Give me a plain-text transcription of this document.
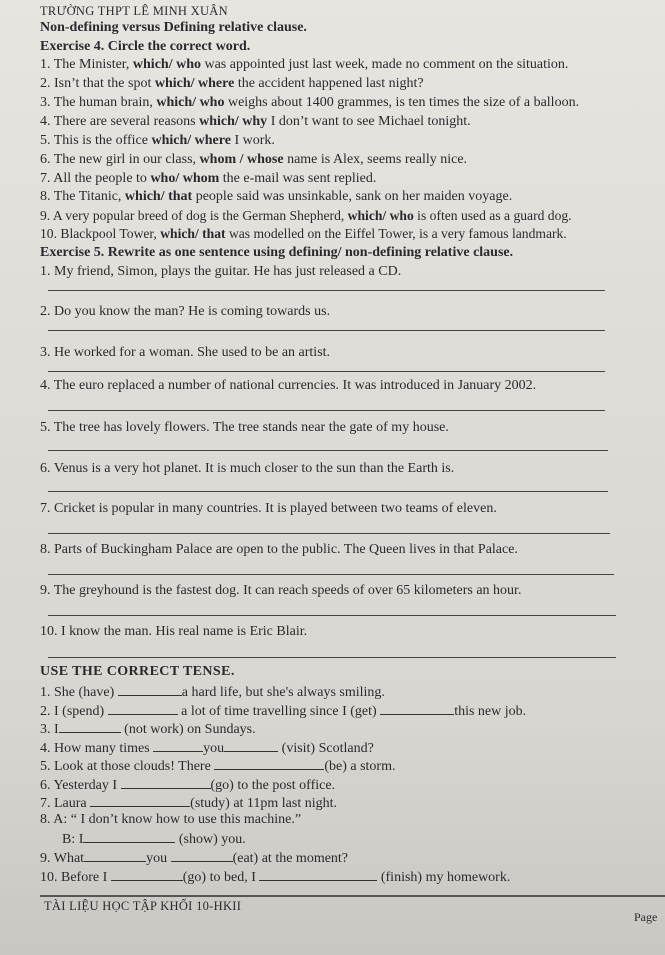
TRƯỜNG THPT LÊ MINH XUÂN
Non-defining versus Defining relative clause.
Exercise 4. Circle the correct word.
1. The Minister, which/ who was appointed just last week, made no comment on the situation.
2. Isn’t that the spot which/ where the accident happened last night?
3. The human brain, which/ who weighs about 1400 grammes, is ten times the size of a balloon.
4. There are several reasons which/ why I don’t want to see Michael tonight.
5. This is the office which/ where I work.
6. The new girl in our class, whom / whose name is Alex, seems really nice.
7. All the people to who/ whom the e-mail was sent replied.
8. The Titanic, which/ that people said was unsinkable, sank on her maiden voyage.
9. A very popular breed of dog is the German Shepherd, which/ who is often used as a guard dog.
10. Blackpool Tower, which/ that was modelled on the Eiffel Tower, is a very famous landmark.
Exercise 5. Rewrite as one sentence using defining/ non-defining relative clause.
1. My friend, Simon, plays the guitar. He has just released a CD.
2. Do you know the man? He is coming towards us.
3. He worked for a woman. She used to be an artist.
4. The euro replaced a number of national currencies. It was introduced in January 2002.
5. The tree has lovely flowers. The tree stands near the gate of my house.
6. Venus is a very hot planet. It is much closer to the sun than the Earth is.
7. Cricket is popular in many countries. It is played between two teams of eleven.
8. Parts of Buckingham Palace are open to the public. The Queen lives in that Palace.
9. The greyhound is the fastest dog. It can reach speeds of over 65 kilometers an hour.
10. I know the man. His real name is Eric Blair.
USE THE CORRECT TENSE.
1. She (have)	a hard life, but she's always smiling.
2. I (spend)	a lot of time travelling since I (get)	this new job.
3. I	(not work) on Sundays.
4. How many times	you	(visit) Scotland?
5. Look at those clouds! There	(be) a storm.
6. Yesterday I	(go) to the post office.
7. Laura	(study) at 11pm last night.
8. A: “ I don’t know how to use this machine.”
B: I	(show) you.
9. What	you	(eat) at the moment?
10. Before I	(go) to bed, I	(finish) my homework.
TÀI LIỆU HỌC TẬP KHỐI 10-HKII
Page
